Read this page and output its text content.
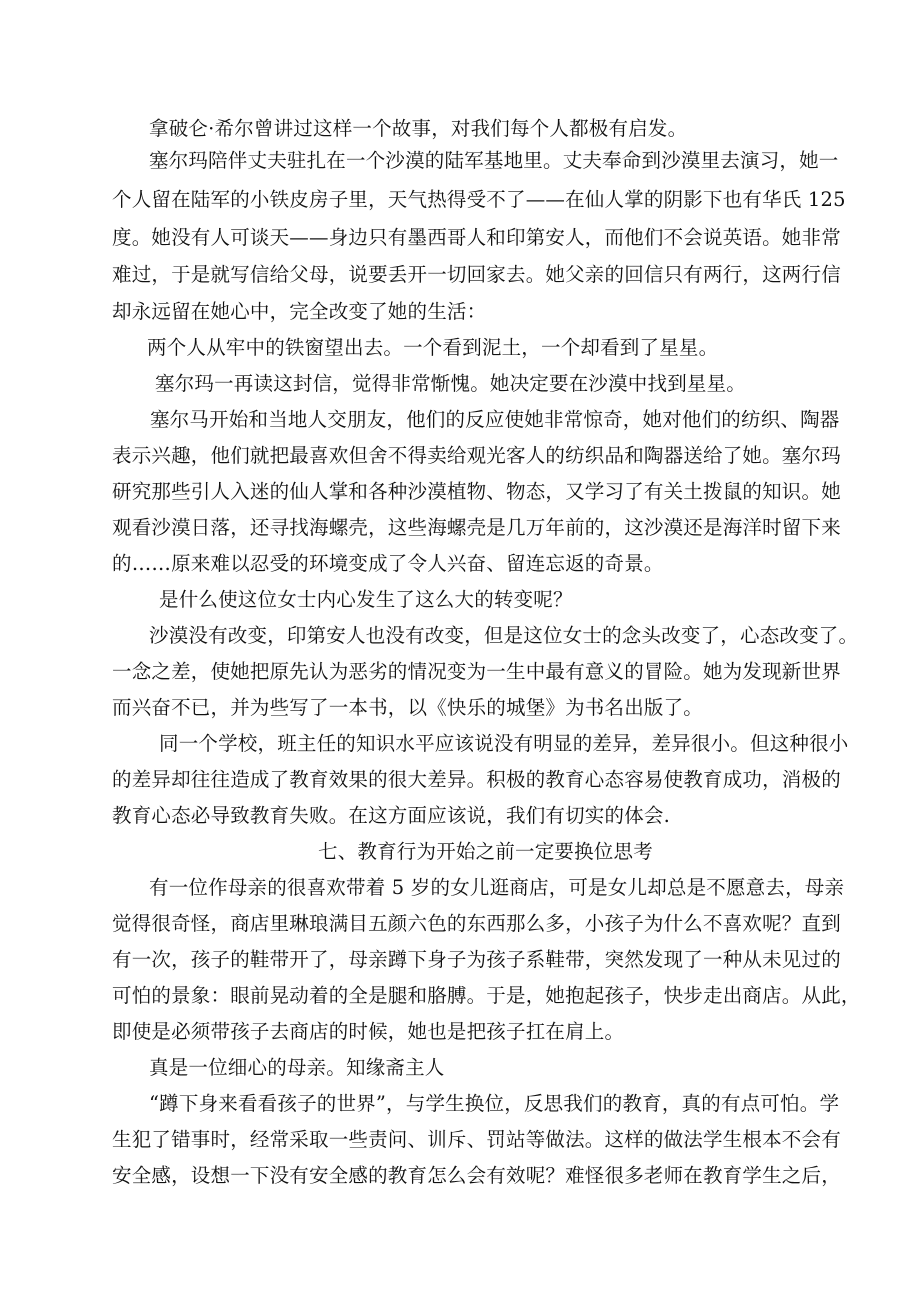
拿破仑·希尔曾讲过这样一个故事，对我们每个人都极有启发。
塞尔玛陪伴丈夫驻扎在一个沙漠的陆军基地里。丈夫奉命到沙漠里去演习，她一
个人留在陆军的小铁皮房子里，天气热得受不了——在仙人掌的阴影下也有华氏 125
度。她没有人可谈天——身边只有墨西哥人和印第安人，而他们不会说英语。她非常
难过，于是就写信给父母，说要丢开一切回家去。她父亲的回信只有两行，这两行信
却永远留在她心中，完全改变了她的生活：
两个人从牢中的铁窗望出去。一个看到泥土，一个却看到了星星。
塞尔玛一再读这封信，觉得非常惭愧。她决定要在沙漠中找到星星。
塞尔马开始和当地人交朋友，他们的反应使她非常惊奇，她对他们的纺织、陶器
表示兴趣，他们就把最喜欢但舍不得卖给观光客人的纺织品和陶器送给了她。塞尔玛
研究那些引人入迷的仙人掌和各种沙漠植物、物态，又学习了有关土拨鼠的知识。她
观看沙漠日落，还寻找海螺壳，这些海螺壳是几万年前的，这沙漠还是海洋时留下来
的……原来难以忍受的环境变成了令人兴奋、留连忘返的奇景。
是什么使这位女士内心发生了这么大的转变呢？
沙漠没有改变，印第安人也没有改变，但是这位女士的念头改变了，心态改变了。
一念之差，使她把原先认为恶劣的情况变为一生中最有意义的冒险。她为发现新世界
而兴奋不已，并为些写了一本书，以《快乐的城堡》为书名出版了。
同一个学校，班主任的知识水平应该说没有明显的差异，差异很小。但这种很小
的差异却往往造成了教育效果的很大差异。积极的教育心态容易使教育成功，消极的
教育心态必导致教育失败。在这方面应该说，我们有切实的体会.
七、教育行为开始之前一定要换位思考
有一位作母亲的很喜欢带着 5 岁的女儿逛商店，可是女儿却总是不愿意去，母亲
觉得很奇怪，商店里琳琅满目五颜六色的东西那么多，小孩子为什么不喜欢呢？直到
有一次，孩子的鞋带开了，母亲蹲下身子为孩子系鞋带，突然发现了一种从未见过的
可怕的景象：眼前晃动着的全是腿和胳膊。于是，她抱起孩子，快步走出商店。从此，
即使是必须带孩子去商店的时候，她也是把孩子扛在肩上。
真是一位细心的母亲。知缘斋主人
“蹲下身来看看孩子的世界”，与学生换位，反思我们的教育，真的有点可怕。学
生犯了错事时，经常采取一些责问、训斥、罚站等做法。这样的做法学生根本不会有
安全感，设想一下没有安全感的教育怎么会有效呢？难怪很多老师在教育学生之后，
